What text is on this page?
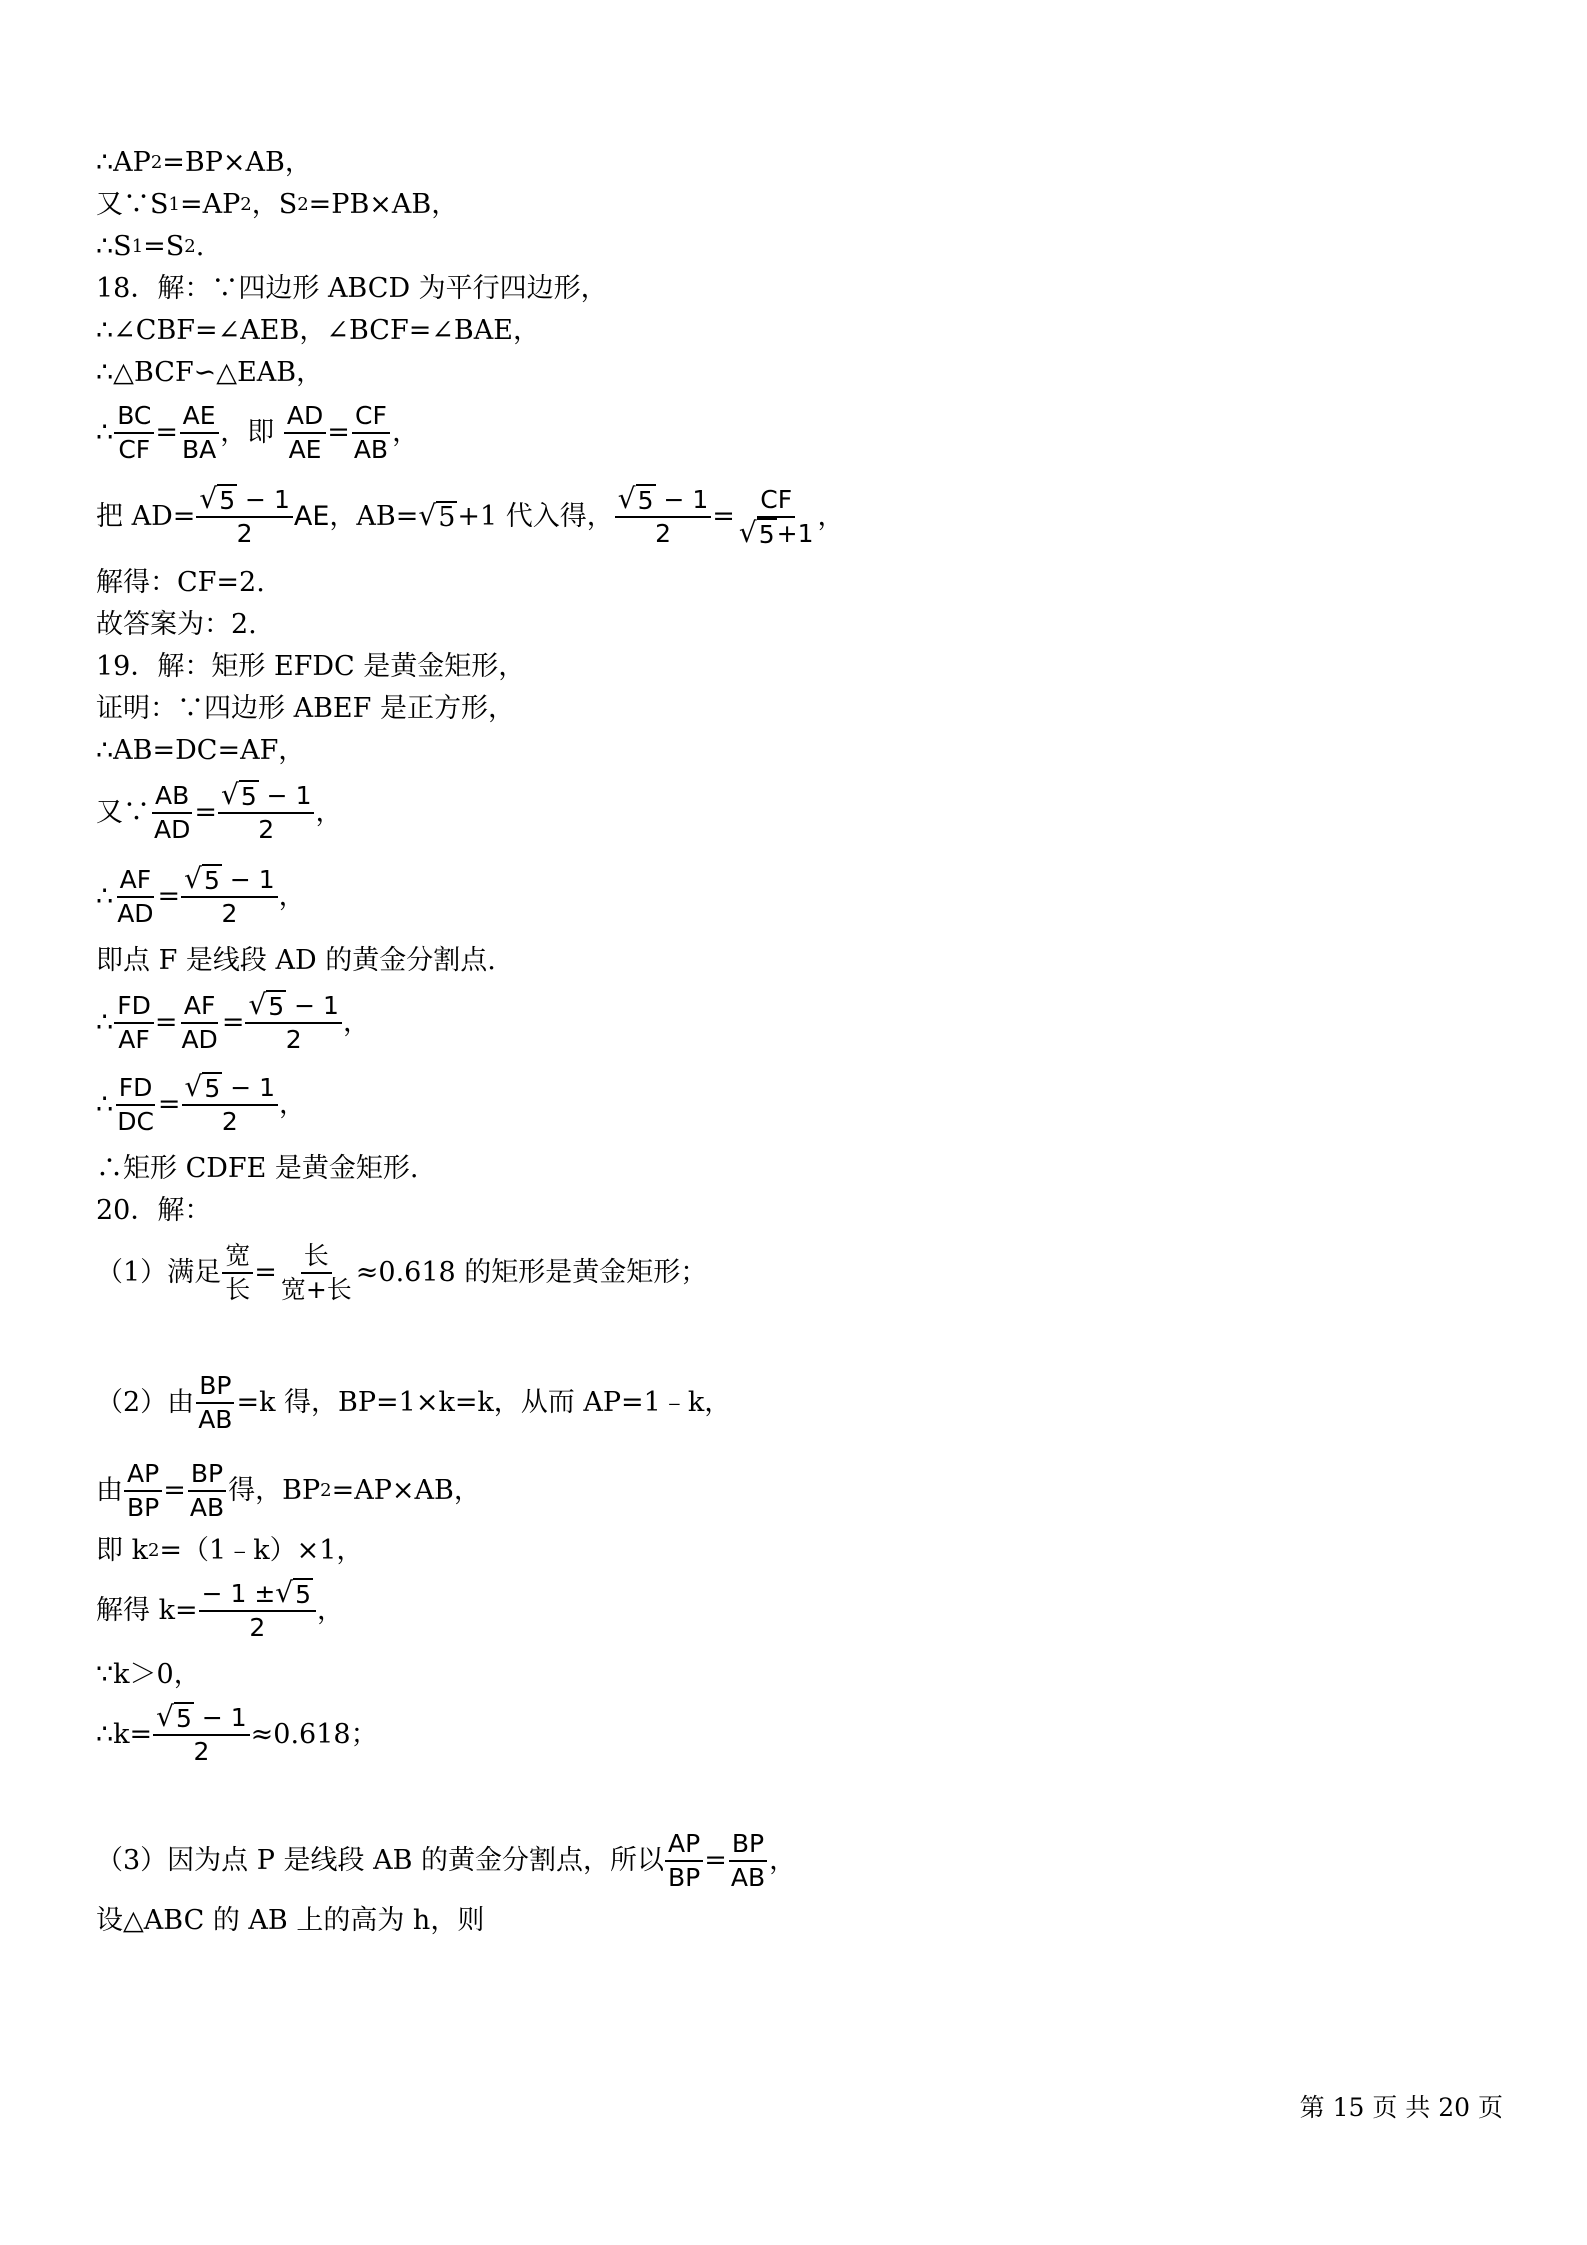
∴AP 2 =BP×AB，
又∵S 1 =AP 2 ，S 2 =PB×AB，
∴S 1 =S 2 .
18．解：∵四边形 ABCD 为平行四边形，
∴∠CBF=∠AEB，∠BCF=∠BAE，
∴△BCF∽△EAB，
∴ $\frac{BC}{CF} = \frac{AE}{BA}$ ，即 $\frac{AD}{AE} = \frac{CF}{AB}$ ，
把 $AD= \frac{√ 5 - 1}{2}$ AE ，AB= √ 5 +1 代入得， $\frac{√ 5 - 1}{2} = \frac{CF}{√ 5 +1}$ ，
解得：CF=2.
故答案为：2.
19．解：矩形 EFDC 是黄金矩形，
证明：∵四边形 ABEF 是正方形，
∴AB=DC=AF，
又∵ $\frac{AB}{AD} = \frac{√ 5 - 1}{2}$ ，
∴ $\frac{AF}{AD} = \frac{√ 5 - 1}{2}$ ，
即点 F 是线段 AD 的黄金分割点.
∴ $\frac{FD}{AF} = \frac{AF}{AD} = \frac{√ 5 - 1}{2}$ ，
∴ $\frac{FD}{DC} = \frac{√ 5 - 1}{2}$ ，
∴矩形 CDFE 是黄金矩形.
20．解：
（1）满足 $\frac{\text{宽}}{\text{长}} = \frac{\text{长}}{\text{宽+长}} \approx 0.618$ 的矩形是黄金矩形；
（2）由 $\frac{BP}{AB} =k$ 得，BP=1×k=k，从而 AP=1﹣k，
由 $\frac{AP}{BP} = \frac{BP}{AB}$ 得，BP 2 =AP×AB，
即 k 2 =（1﹣k）×1，
解得 $k= \frac{- 1 \pm √ 5}{2}$ ，
∵k＞0，
∴k= $\frac{√ 5 - 1}{2} \approx 0.618$；
（3）因为点 P 是线段 AB 的黄金分割点，所以 $\frac{AP}{BP} = \frac{BP}{AB}$ ，
设△ABC 的 AB 上的高为 h，则
第 15 页 共 20 页
